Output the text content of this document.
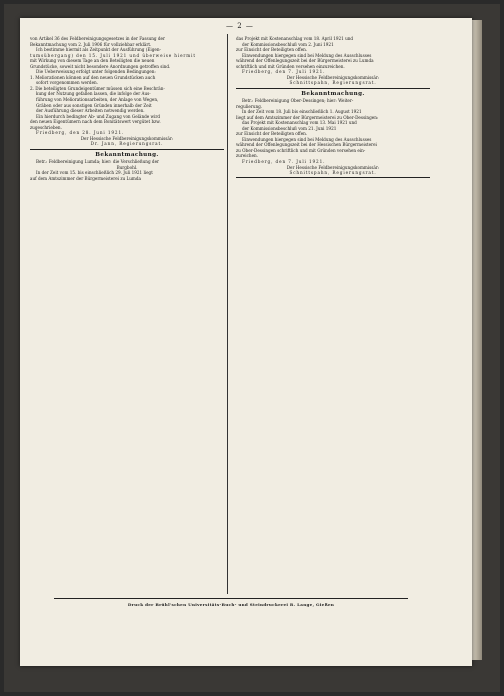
— 2 —

von Artikel 36 des Feldbereinigungsgesetzes in der Fassung der

Bekanntmachung vom 2. Juli 1906 für vollziehbar erklärt.

Ich bestimme hiermit als Zeitpunkt der Ausführung (Eigen-

tumsübergang) den 15. Juli 1921 und überweise hiermit

mit Wirkung von diesem Tage an den Beteiligten die neuen

Grundstücke, soweit nicht besondere Anordnungen getroffen sind.

Die Ueberweisung erfolgt unter folgenden Bedingungen:

1. Meliorationen können auf den neuen Grundstücken auch

sofort vorgenommen werden.

2. Die beteiligten Grundeigentümer müssen sich eine Beschrän-

kung der Nutzung gefallen lassen, die infolge der Aus-

führung von Meliorationsarbeiten, der Anlage von Wegen,

Gräben oder aus sonstigen Gründen innerhalb der Zeit

der Ausführung dieser Arbeiten notwendig werden.

Ein hierdurch bedingter Ab- und Zugang von Gelände wird

den neuen Eigentümern nach dem Bonitätswert vergütet bzw.

zugeschrieben.

Friedberg, den 28. Juni 1921.

Der Hessische Feldbereinigungskommissär:

Dr. Jann, Regierungsrat.

Bekanntmachung.

Betr.: Feldbereinigung Lumda; hier: die Verschließung der

Burgbohl.

In der Zeit vom 15. bis einschließlich 29. Juli 1921 liegt

auf dem Amtszimmer der Bürgermeisterei zu Lumda

das Projekt mit Kostenanschlag vom 18. April 1921 und

der Kommissionsbeschluß vom 2. Juni 1921

zur Einsicht der Beteiligten offen.

Einwendungen hiergegen sind bei Meldung des Ausschlusses

während der Offenlegungszeit bei der Bürgermeisterei zu Lumda

schriftlich und mit Gründen versehen einzureichen.

Friedberg, den 7. Juli 1921.

Der Hessische Feldbereinigungskommissär:

Schnittspahn, Regierungsrat.

Bekanntmachung.

Betr.: Feldbereinigung Ober-Dessingen; hier: Weiter-

regulierung.

In der Zeit vom 18. Juli bis einschließlich 1. August 1921

liegt auf dem Amtszimmer der Bürgermeisterei zu Ober-Dessingen:

das Projekt mit Kostenanschlag vom 13. Mai 1921 und

der Kommissionsbeschluß vom 21. Juni 1921

zur Einsicht der Beteiligten offen.

Einwendungen hiergegen sind bei Meldung des Ausschlusses

während der Offenlegungszeit bei der Hessischen Bürgermeisterei

zu Ober-Dessingen schriftlich und mit Gründen versehen ein-

zureichen.

Friedberg, den 7. Juli 1921.

Der Hessische Feldbereinigungskommissär:

Schnittspahn, Regierungsrat.

Druck der Brühl'schen Universitäts-Buch- und Steindruckerei R. Lange, Gießen
